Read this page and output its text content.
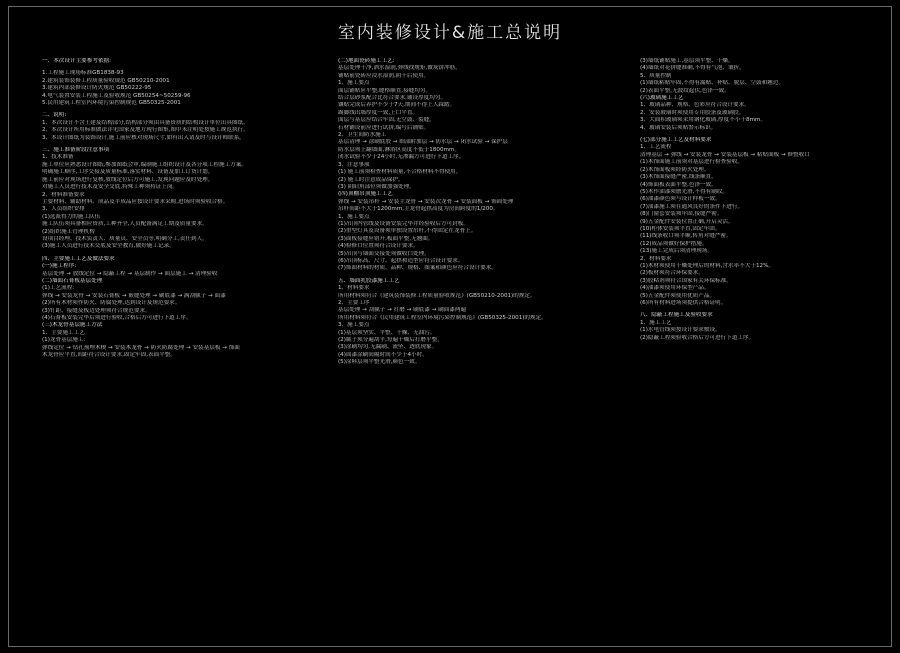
室内装修设计&施工总说明
一、本次设计主要参考依据:
1.工程施工现场标准GB1838-93
2.建筑装饰装修工程质量验收规范 GB50210-2001
3.建筑内部装修设计防火规范 GB50222-95
4.电气装置安装工程施工及验收规范 GB50254~50259-96
5.民用建筑工程室内环境污染控制规范 GB50325-2001
二、说明:
1、本次设计不含土建及结构部分,结构部分须由具备资质的结构设计单位出具图纸。
2、本次设计所用标准做法详见国家及地方现行图集,图中未注明处按施工规范执行。
3、本设计图纸为装饰设计,施工前应核对现场尺寸,如有出入请及时与设计师联系。
三、施工准备阶段注意事项
1、技术准备
施工单位应熟悉设计图纸,参加图纸会审,编制施工组织设计及各分项工程施工方案。
明确施工顺序,工序交接及质量标准,落实材料、设备及加工订货计划。
施工前应对现场进行复核,放线定位后方可施工,发现问题应及时处理。
对施工人员进行技术及安全交底,特殊工种须持证上岗。
2、材料准备要求
主要材料、辅助材料、成品及半成品应按设计要求采购,进场时须验收合格。
3、人员组织安排
(1)选派得力的施工队伍
施工队伍须具备相应资质,工种齐全,人员配备满足工期及质量要求。
(2)组织施工管理机构
设项目经理、技术负责人、质量员、安全员等,明确分工,责任到人。
(3)施工人员进行技术交底及安全教育,做好施工记录。
四、主要施工工艺及做法要求
(一)施工程序:
基层处理 → 放线定位 → 隐蔽工程 → 基层制作 → 面层施工 → 清理验收
(二)墙面石膏板基层处理
(1)工艺流程:
弹线 → 安装龙骨 → 安装石膏板 → 嵌缝处理 → 刷底漆 → 满刮腻子 → 面漆
(2)所有木材须作防火、防腐处理,达到设计及规范要求。
(3)钉距、接缝及板边处理须符合规范要求。
(4)石膏板安装完毕后须进行验收,合格后方可进行下道工序。
(三)木龙骨基层施工方法
1、主要施工工艺
(1)龙骨基层施工:
弹线定位 → 钻孔预埋木楔 → 安装木龙骨 → 防火防腐处理 → 安装基层板 → 饰面
木龙骨应平直,间距符合设计要求,固定牢固,表面平整。
(二)地面瓷砖施工工艺:
基层处理干净,洒水湿润,弹线找规矩,做灰饼冲筋。
铺贴前瓷砖应浸水湿润,阴干后使用。
1、施工要点
面层铺贴应平整,缝格顺直,接缝均匀。
结合层砂浆配合比符合要求,铺设厚度均匀。
镶贴完成后养护不少于7天,期间不得上人踩踏。
踢脚线出墙厚度一致,上口平直。
面层与基层应结合牢固,无空鼓、裂缝。
石材铺设前应进行试拼,编号后铺贴。
2、卫生间防水施工
基层清理 → 涂刷底胶 → 细部附加层 → 防水层 → 闭水试验 → 保护层
防水层须上翻墙面,淋浴区高度不低于1800mm。
闭水试验不少于24小时,无渗漏方可进行下道工序。
3、注意事项
(1) 施工前须检查材料质量,不合格材料不得使用。
(2) 施工时注意成品保护。
(3) 阴阳角部位须做加强处理。
(四)顶棚吊顶施工工艺
弹线 → 安装吊杆 → 安装主龙骨 → 安装次龙骨 → 安装面板 → 饰面处理
吊杆间距不大于1200mm,主龙骨起拱高度为房间跨度的1/200。
1、施工要点
(1)吊顶内管线及设备安装完毕并经验收后方可封板。
(2)重型灯具及设备须单独设置吊杆,不得固定在龙骨上。
(3)面板接缝应错开,板面平整,无翘曲。
(4)检修口位置须符合设计要求。
(5)吊顶与墙面交接处须做收口处理。
(6)吊顶标高、尺寸、起拱和造型应符合设计要求。
(7)饰面材料的材质、品种、规格、图案和颜色应符合设计要求。
五、墙面乳胶漆施工工艺
1、材料要求
所用材料须符合《建筑装饰装修工程质量验收规范》(GB50210-2001)的规定。
2、主要工序
基层处理 → 刮腻子 → 打磨 → 刷底漆 → 刷面漆两遍
所用材料须符合《民用建筑工程室内环境污染控制规范》(GB50325-2001)的规定。
3、施工要点
(1)基层须坚实、平整、干燥、无油污。
(2)腻子须分遍刮平,每遍干燥后打磨平整。
(3)涂刷均匀,无漏刷、流坠、透底现象。
(4)面漆涂刷间隔时间不少于4小时。
(5)涂料层须平整光滑,颜色一致。
(3)墙纸铺贴施工,基层须平整、干燥。
(4)墙纸对花拼缝准确,不得有气泡、皱折。
5、质量控制
(1)墙纸粘贴牢固,不得有漏贴、补贴、脱层、空鼓和翘边。
(2)表面平整,无波纹起伏,色泽一致。
(六)玻璃施工工艺
1、玻璃品种、规格、色彩应符合设计要求。
2、安装玻璃时须使用专用胶条及玻璃胶。
3、大面积玻璃须采用钢化玻璃,厚度不小于8mm。
4、玻璃安装后须贴警示标识。
(七)部分施工工艺及材料要求
1、工艺流程
清理基层 → 弹线 → 安装龙骨 → 安装基层板 → 粘贴面板 → 修整收口
(1)木饰面施工前须对基层进行检查验收。
(2)木饰面板须经防火处理。
(3)木饰面接缝严密,线条顺直。
(4)饰面板表面平整,色泽一致。
(5)木作油漆须磨光滑,不得有刷纹。
(6)油漆颜色须与设计样板一致。
(7)油漆施工须在通风良好的条件下进行。
(8)门窗套安装须牢固,接缝严密。
(9)五金配件安装位置正确,开启灵活。
(10)柜体安装须平直,固定牢固。
(11)线条收口须平顺,转角对缝严密。
(12)成品须做好保护措施。
(13)施工完成后须清理现场。
2、材料要求
(1)木材须使用干燥处理后的材料,含水率不大于12%。
(2)板材须符合环保要求。
(3)胶粘剂须符合国家有关环保标准。
(4)油漆须使用环保型产品。
(5)五金配件须使用优质产品。
(6)所有材料进场须提供合格证明。
八、隐蔽工程施工及验收要求
1、施工工艺
(1)水电管线须按设计要求敷设。
(2)隐蔽工程须验收合格后方可进行下道工序。
